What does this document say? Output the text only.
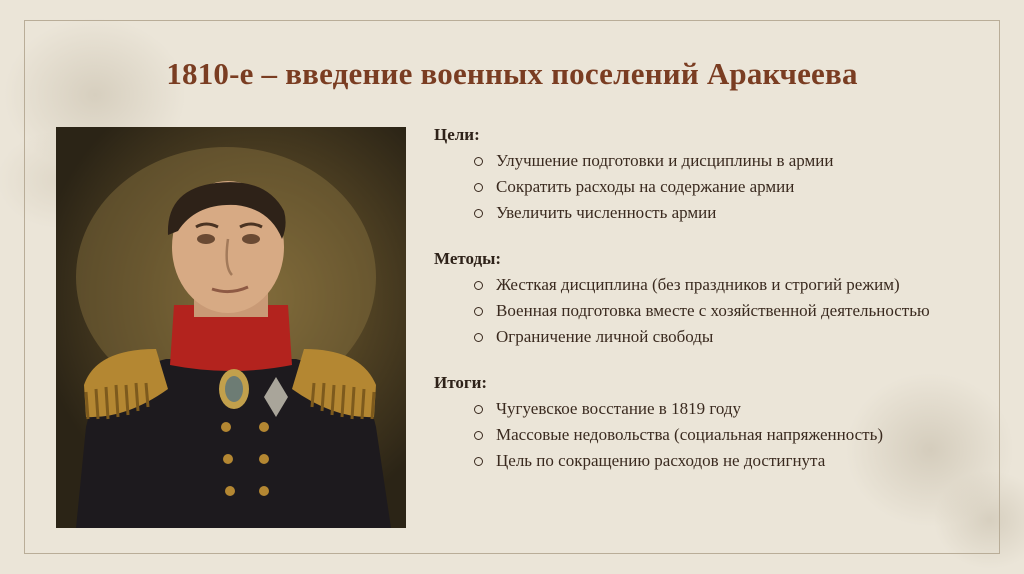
1810-е – введение военных поселений Аракчеева
Цели:
Улучшение подготовки и дисциплины в армии
Сократить расходы на содержание армии
Увеличить численность армии
Методы:
Жесткая дисциплина (без праздников и строгий режим)
Военная подготовка вместе с хозяйственной деятельностью
Ограничение личной свободы
Итоги:
Чугуевское восстание в 1819 году
Массовые недовольства (социальная напряженность)
Цель по сокращению расходов не достигнута
